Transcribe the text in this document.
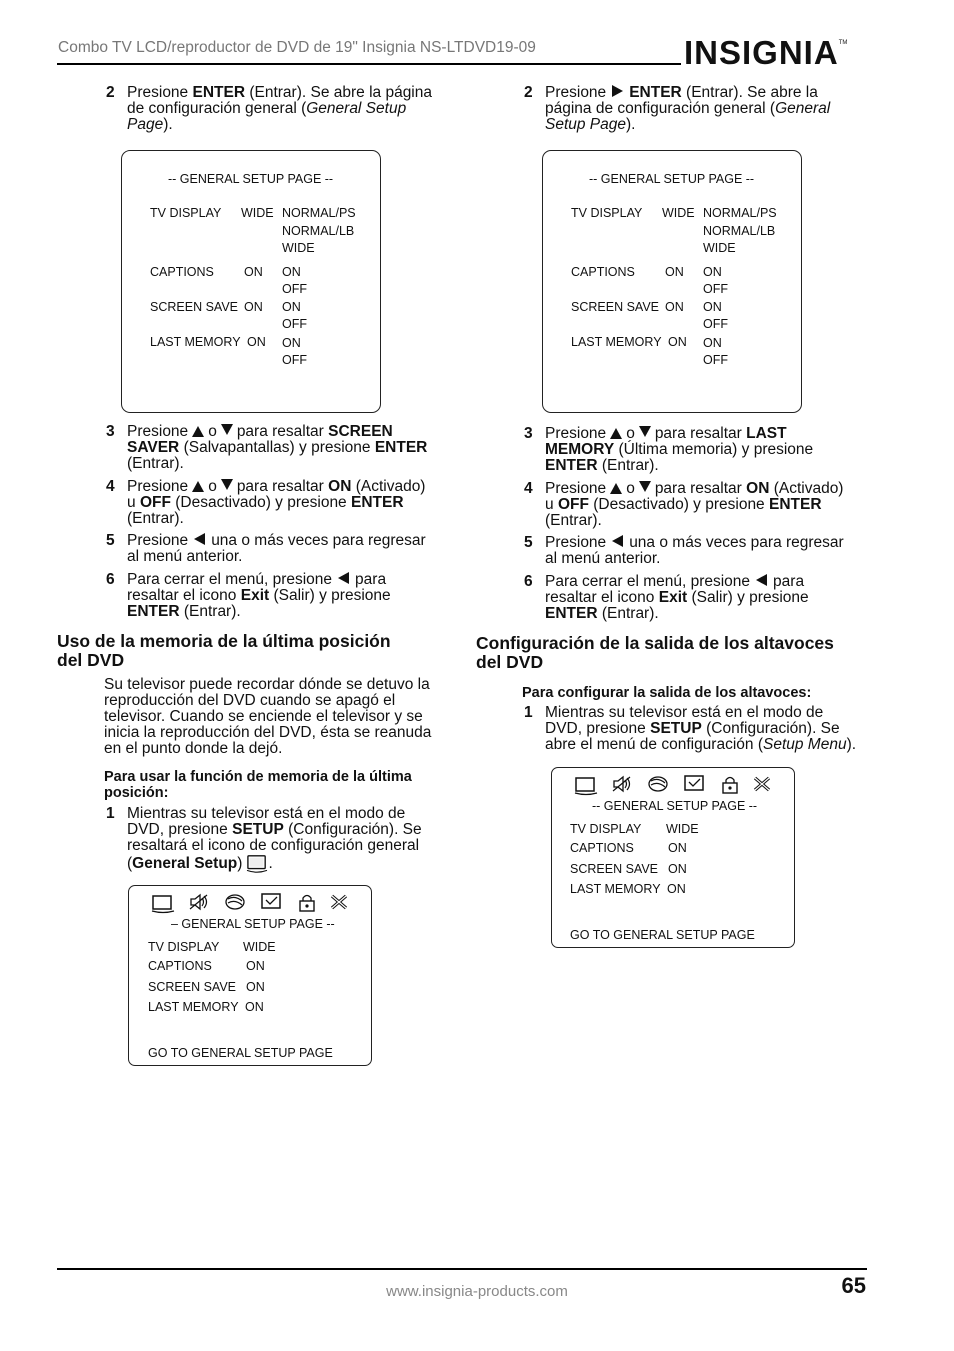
Combo TV LCD/reproductor de DVD de 19" Insignia NS-LTDVD19-09	INSIGNIA™
2 Presione ENTER (Entrar). Se abre la página
de configuración general (General Setup
Page).
-- GENERAL SETUP PAGE --
TV DISPLAY WIDE NORMAL/PS
NORMAL/LB
WIDE
CAPTIONS ON ON
OFF
SCREEN SAVE ON ON
OFF
LAST MEMORY ON ON
OFF
3 Presione o para resaltar SCREEN
SAVER (Salvapantallas) y presione ENTER
(Entrar).
4 Presione o para resaltar ON (Activado)
u OFF (Desactivado) y presione ENTER
(Entrar).
5 Presione una o más veces para regresar
al menú anterior.
6 Para cerrar el menú, presione para
resaltar el icono Exit (Salir) y presione
ENTER (Entrar).
Uso de la memoria de la última posición
del DVD
Su televisor puede recordar dónde se detuvo la
reproducción del DVD cuando se apagó el
televisor. Cuando se enciende el televisor y se
inicia la reproducción del DVD, ésta se reanuda
en el punto donde la dejó.
Para usar la función de memoria de la última
posición:
1 Mientras su televisor está en el modo de
DVD, presione SETUP (Configuración). Se
resaltará el icono de configuración general
(General Setup) .
– GENERAL SETUP PAGE --
TV DISPLAY WIDE
CAPTIONS	ON
SCREEN SAVE ON
LAST MEMORY ON
GO TO GENERAL SETUP PAGE
2 Presione ENTER (Entrar). Se abre la
página de configuración general (General
Setup Page).
-- GENERAL SETUP PAGE --
TV DISPLAY WIDE NORMAL/PS
NORMAL/LB
WIDE
CAPTIONS ON ON
OFF
SCREEN SAVE ON ON
OFF
LAST MEMORY ON ON
OFF
3 Presione o para resaltar LAST
MEMORY (Última memoria) y presione
ENTER (Entrar).
4 Presione o para resaltar ON (Activado)
u OFF (Desactivado) y presione ENTER
(Entrar).
5 Presione una o más veces para regresar
al menú anterior.
6 Para cerrar el menú, presione para
resaltar el icono Exit (Salir) y presione
ENTER (Entrar).
Configuración de la salida de los altavoces
del DVD
Para configurar la salida de los altavoces:
1 Mientras su televisor está en el modo de
DVD, presione SETUP (Configuración). Se
abre el menú de configuración (Setup Menu).
-- GENERAL SETUP PAGE --
TV DISPLAY WIDE
CAPTIONS	ON
SCREEN SAVE ON
LAST MEMORY ON
GO TO GENERAL SETUP PAGE
www.insignia-products.com	65
